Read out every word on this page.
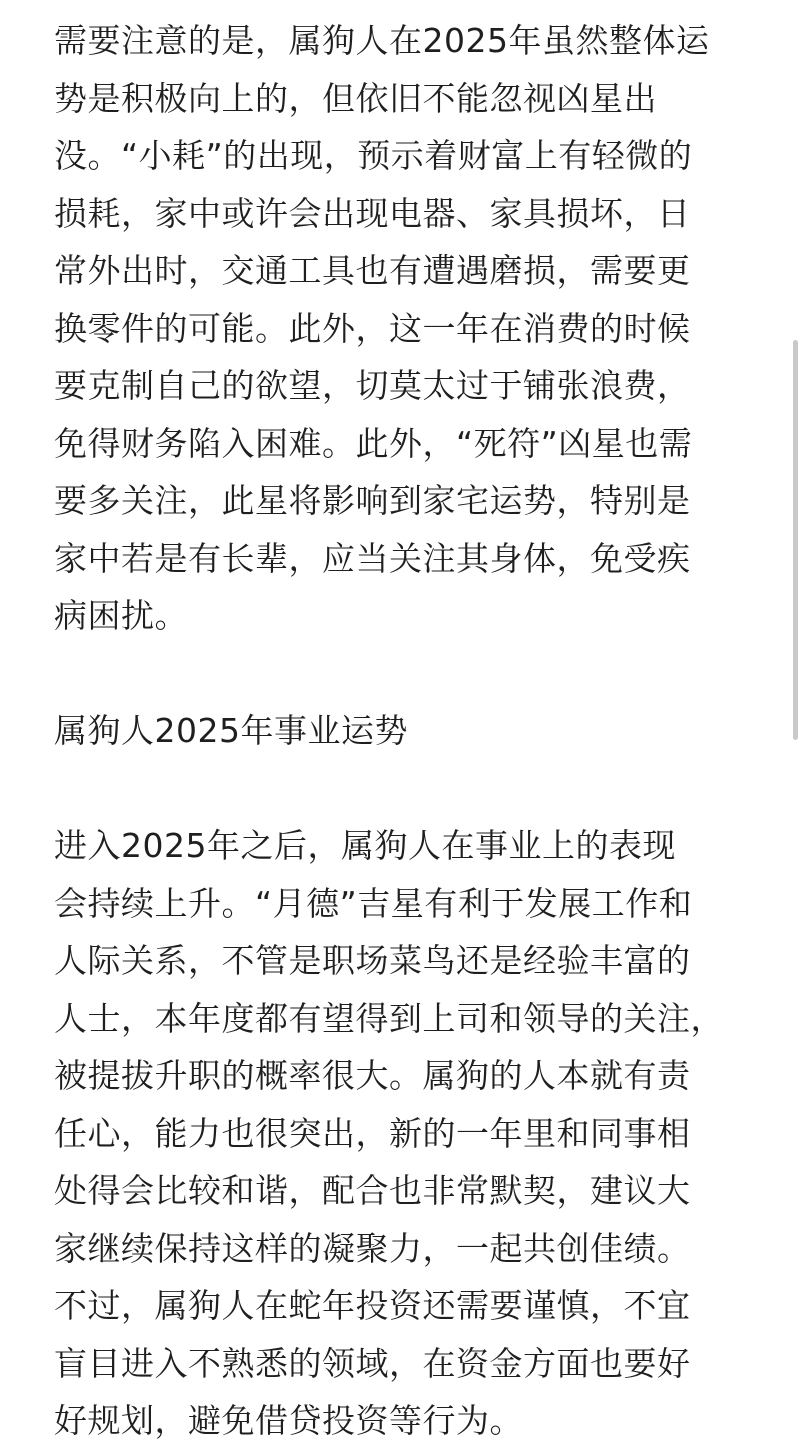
需要注意的是，属狗人在2025年虽然整体运
势是积极向上的，但依旧不能忽视凶星出
没。“小耗”的出现，预示着财富上有轻微的
损耗，家中或许会出现电器、家具损坏，日
常外出时，交通工具也有遭遇磨损，需要更
换零件的可能。此外，这一年在消费的时候
要克制自己的欲望，切莫太过于铺张浪费，
免得财务陷入困难。此外，“死符”凶星也需
要多关注，此星将影响到家宅运势，特别是
家中若是有长辈，应当关注其身体，免受疾
病困扰。
属狗人2025年事业运势
进入2025年之后，属狗人在事业上的表现
会持续上升。“月德”吉星有利于发展工作和
人际关系，不管是职场菜鸟还是经验丰富的
人士，本年度都有望得到上司和领导的关注，
被提拔升职的概率很大。属狗的人本就有责
任心，能力也很突出，新的一年里和同事相
处得会比较和谐，配合也非常默契，建议大
家继续保持这样的凝聚力，一起共创佳绩。
不过，属狗人在蛇年投资还需要谨慎，不宜
盲目进入不熟悉的领域，在资金方面也要好
好规划，避免借贷投资等行为。
